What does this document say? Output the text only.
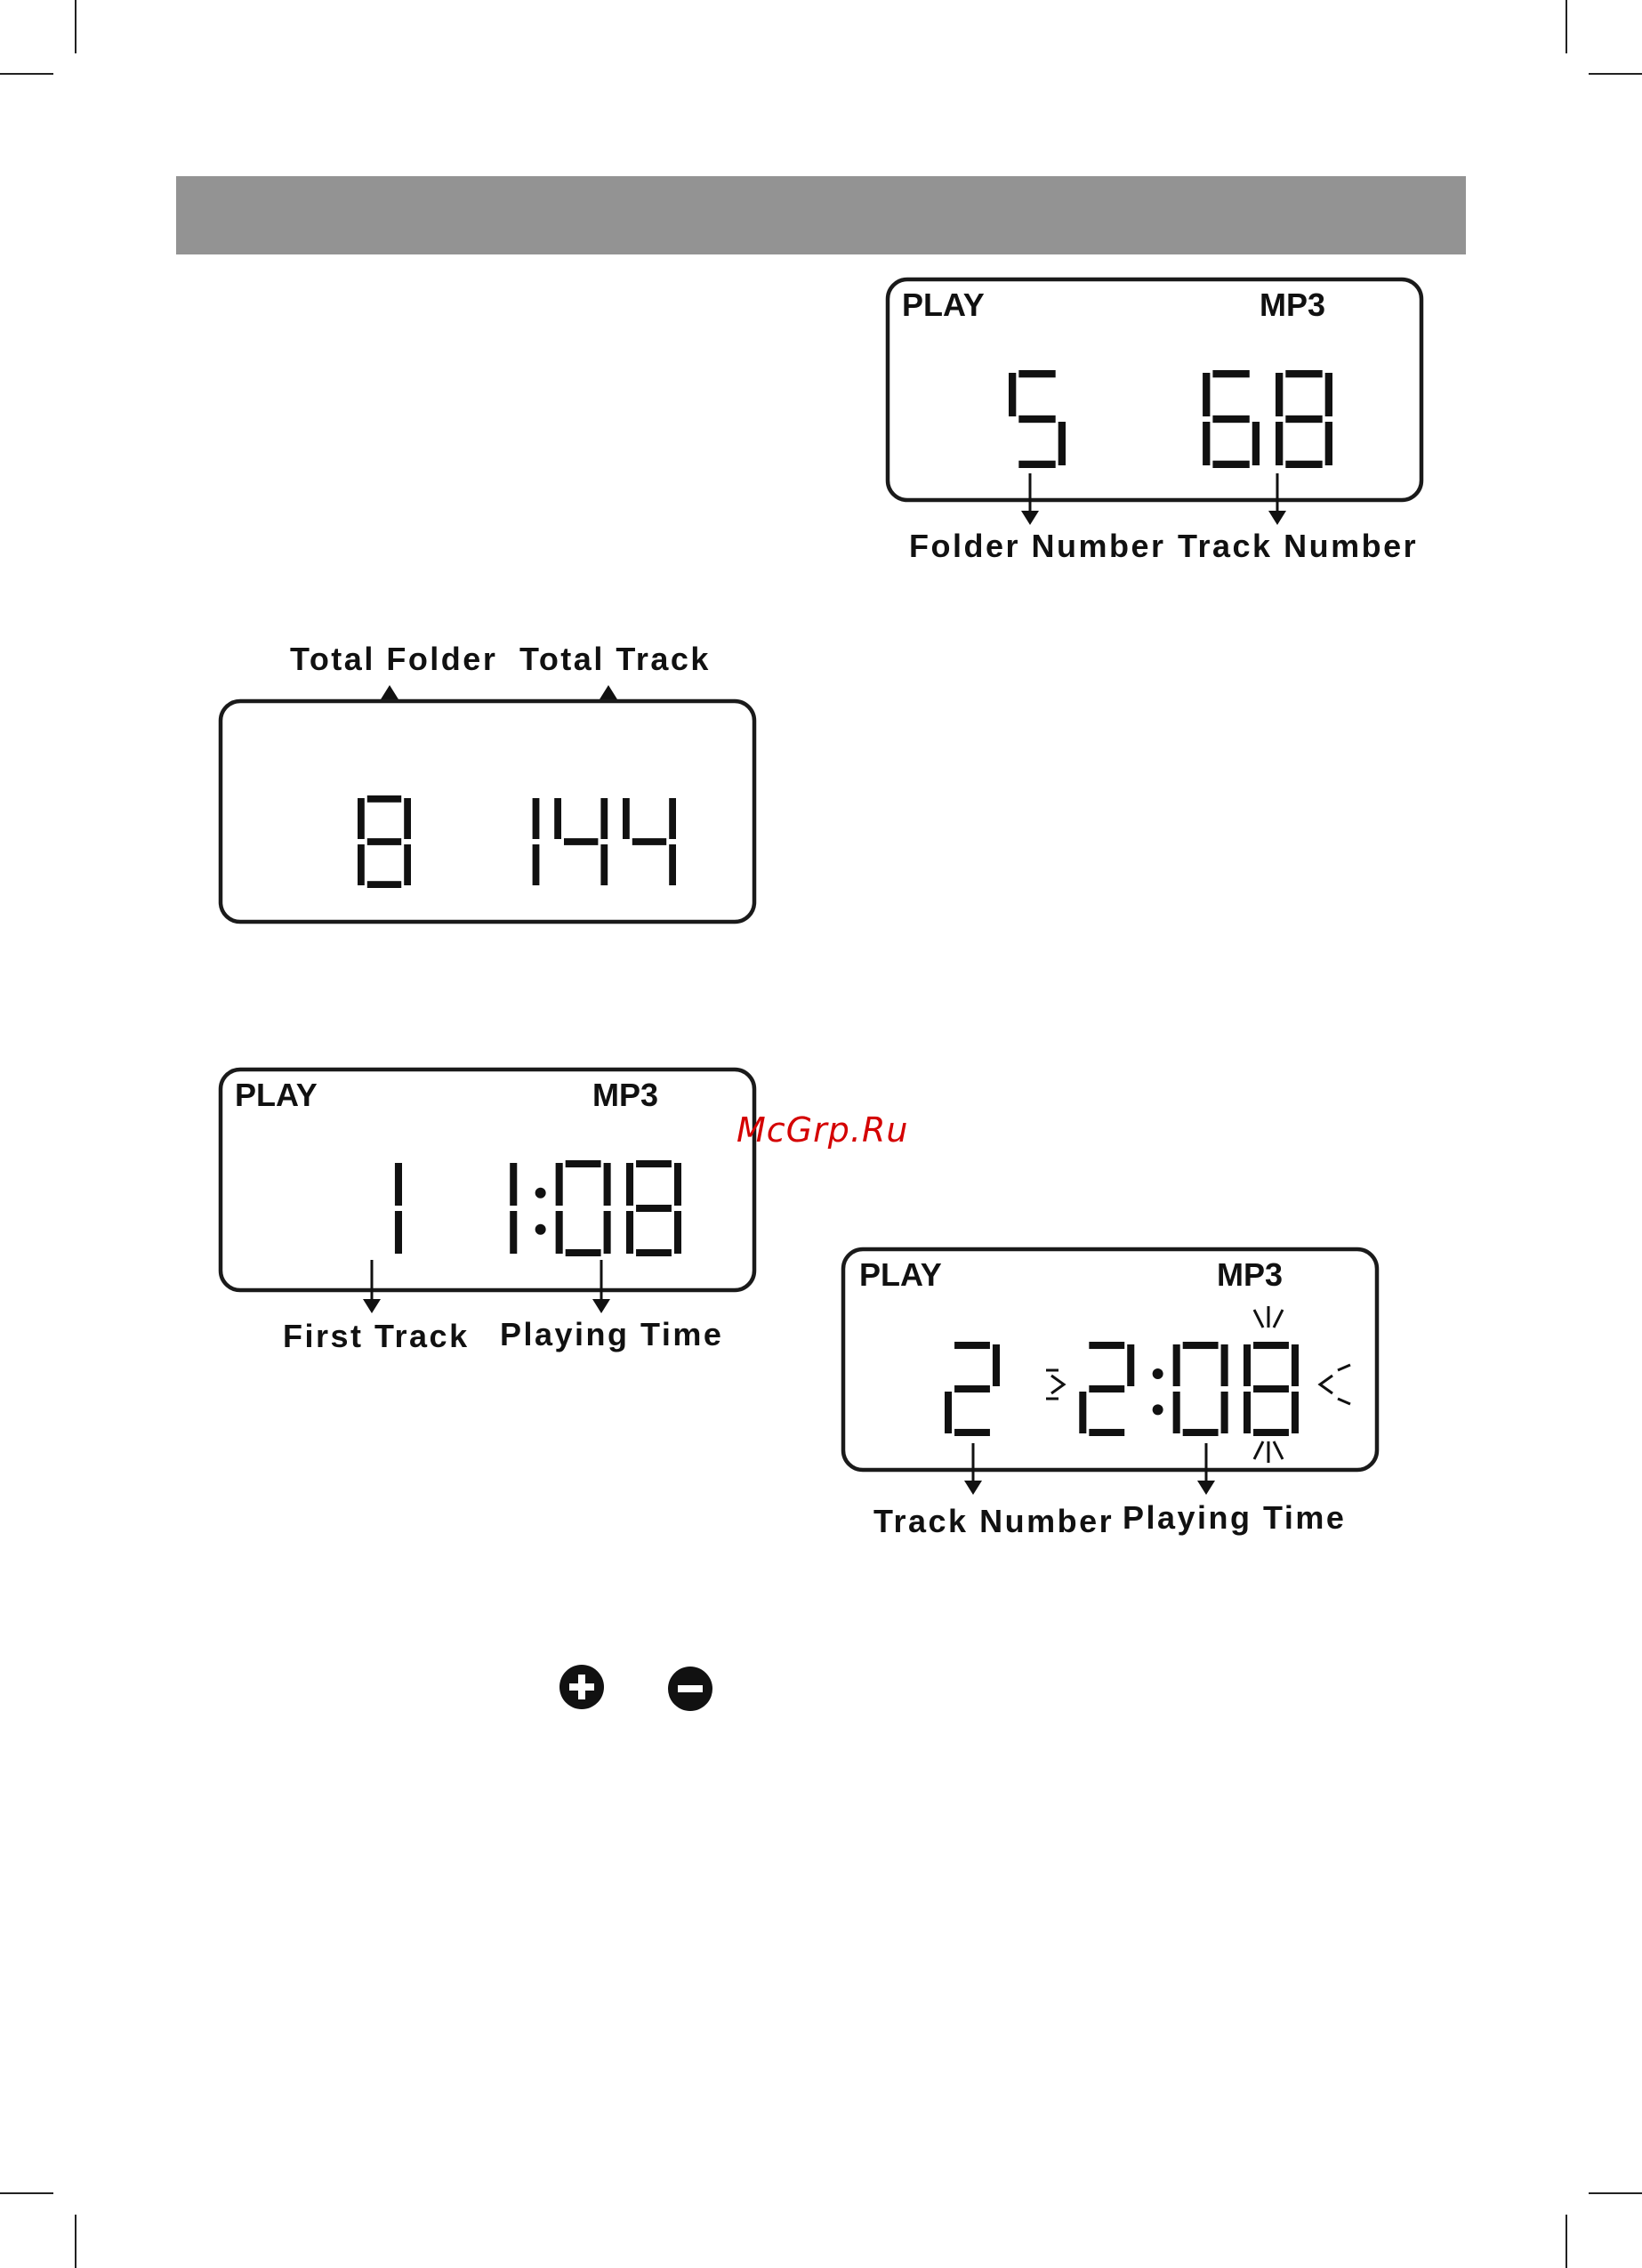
PLAY	MP3
Folder Number Track Number
Total Folder Total Track
PLAY	MP3
First Track Playing Time
PLAY	MP3
Track Number Playing Time
McGrp.Ru
